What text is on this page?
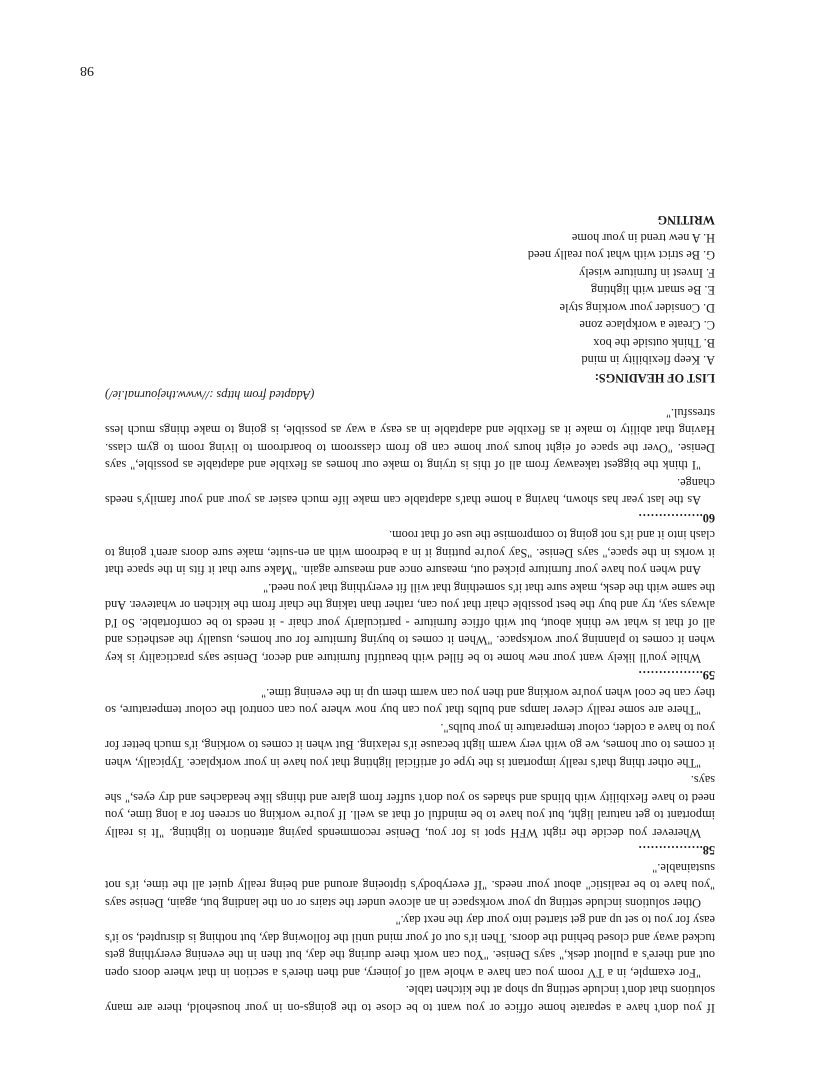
If you don't have a separate home office or you want to be close to the goings-on in your household, there are many solutions that don't include setting up shop at the kitchen table.

"For example, in a TV room you can have a whole wall of joinery, and then there's a section in that where doors open out and there's a pullout desk," says Denise. "You can work there during the day, but then in the evening everything gets tucked away and closed behind the doors. Then it's out of your mind until the following day, but nothing is disrupted, so it's easy for you to set up and get started into your day the next day."

Other solutions include setting up your workspace in an alcove under the stairs or on the landing but, again, Denise says "you have to be realistic" about your needs. "If everybody's tiptoeing around and being really quiet all the time, it's not sustainable."

58.……………

Wherever you decide the right WFH spot is for you, Denise recommends paying attention to lighting. "It is really important to get natural light, but you have to be mindful of that as well. If you're working on screen for a long time, you need to have flexibility with blinds and shades so you don't suffer from glare and things like headaches and dry eyes," she says.

"The other thing that's really important is the type of artificial lighting that you have in your workplace. Typically, when it comes to our homes, we go with very warm light because it's relaxing. But when it comes to working, it's much better for you to have a colder, colour temperature in your bulbs".

"There are some really clever lamps and bulbs that you can buy now where you can control the colour temperature, so they can be cool when you're working and then you can warm them up in the evening time."

59.……………

While you'll likely want your new home to be filled with beautiful furniture and decor, Denise says practicality is key when it comes to planning your workspace. "When it comes to buying furniture for our homes, usually the aesthetics and all of that is what we think about, but with office furniture - particularly your chair - it needs to be comfortable. So I'd always say, try and buy the best possible chair that you can, rather than taking the chair from the kitchen or whatever. And the same with the desk, make sure that it's something that will fit everything that you need."

And when you have your furniture picked out, measure once and measure again. "Make sure that it fits in the space that it works in the space," says Denise. "Say you're putting it in a bedroom with an en-suite, make sure doors aren't going to clash into it and it's not going to compromise the use of that room.

60.……………

As the last year has shown, having a home that's adaptable can make life much easier as your and your family's needs change.

"I think the biggest takeaway from all of this is trying to make our homes as flexible and adaptable as possible," says Denise. "Over the space of eight hours your home can go from classroom to boardroom to living room to gym class. Having that ability to make it as flexible and adaptable in as easy a way as possible, is going to make things much less stressful."

(Adapted from https ://www.thejournal.ie/)

LIST OF HEADINGS:

A. Keep flexibility in mind

B. Think outside the box

C. Create a workplace zone

D. Consider your working style

E. Be smart with lighting

F. Invest in furniture wisely

G. Be strict with what you really need

H. A new trend in your home

WRITING

98
